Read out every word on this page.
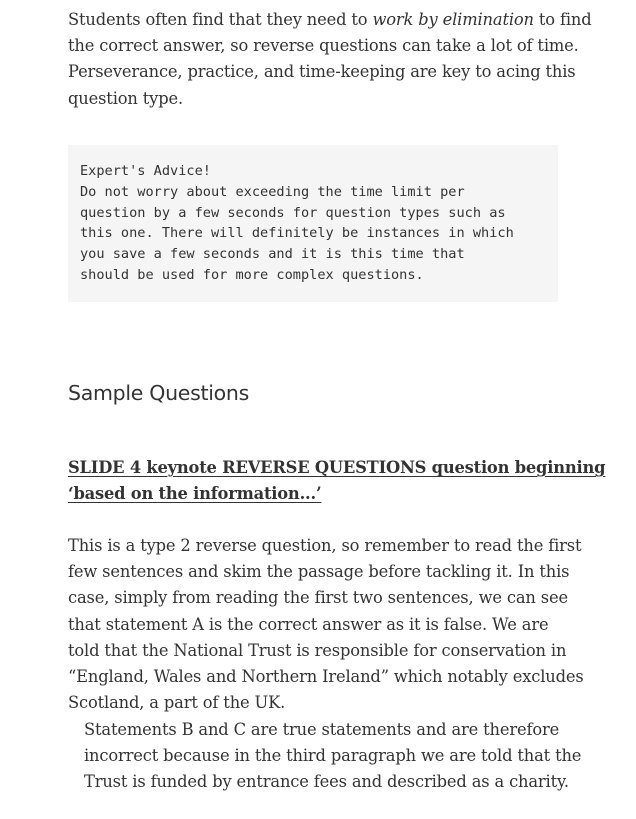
Students often find that they need to work by elimination to find
the correct answer, so reverse questions can take a lot of time.
Perseverance, practice, and time-keeping are key to acing this
question type.

Expert's Advice!
Do not worry about exceeding the time limit per
question by a few seconds for question types such as
this one. There will definitely be instances in which
you save a few seconds and it is this time that
should be used for more complex questions.
Sample Questions

SLIDE 4 keynote REVERSE QUESTIONS question beginning
‘based on the information...’

This is a type 2 reverse question, so remember to read the first
few sentences and skim the passage before tackling it. In this
case, simply from reading the first two sentences, we can see
that statement A is the correct answer as it is false. We are
told that the National Trust is responsible for conservation in
“England, Wales and Northern Ireland” which notably excludes
Scotland, a part of the UK.

Statements B and C are true statements and are therefore
incorrect because in the third paragraph we are told that the
Trust is funded by entrance fees and described as a charity.
